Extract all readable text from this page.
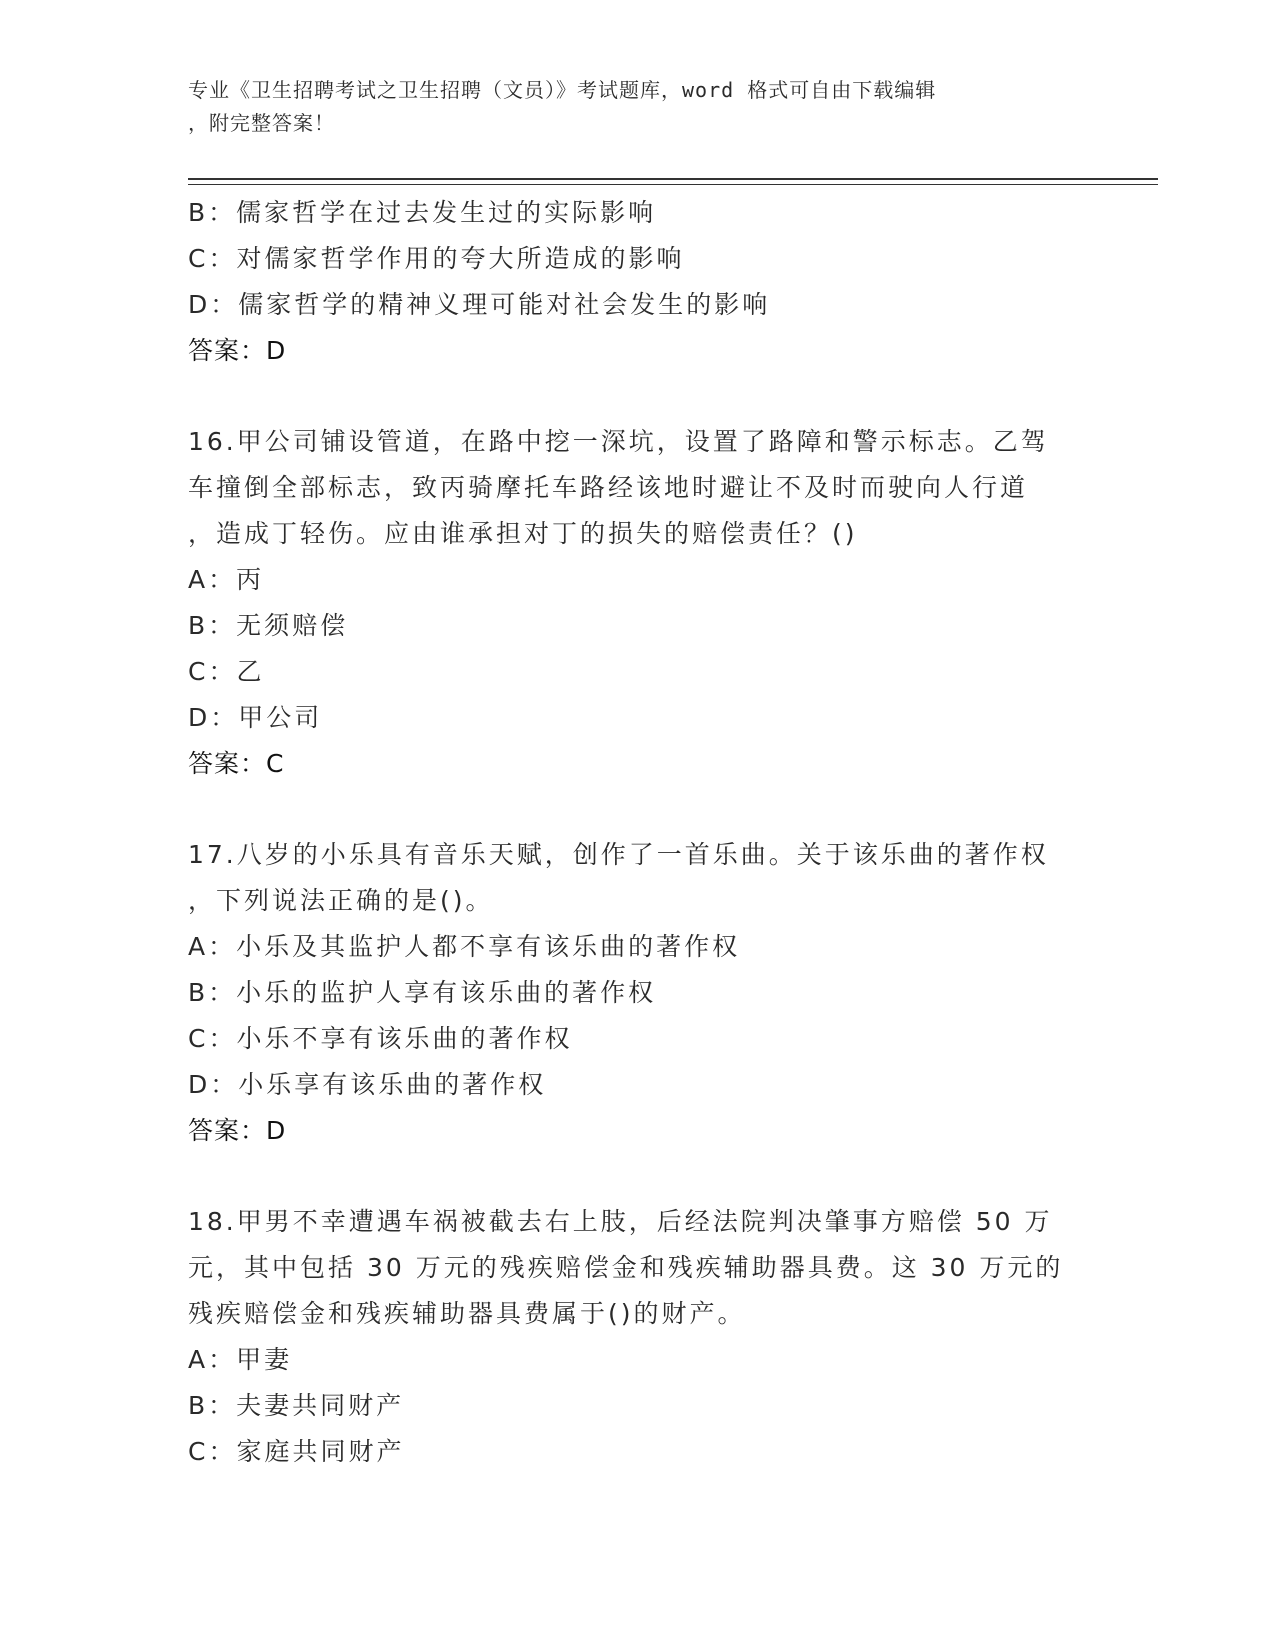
专业《卫生招聘考试之卫生招聘（文员）》考试题库，word 格式可自由下载编辑
，附完整答案！
B：儒家哲学在过去发生过的实际影响
C：对儒家哲学作用的夸大所造成的影响
D：儒家哲学的精神义理可能对社会发生的影响
答案：D
16.甲公司铺设管道，在路中挖一深坑，设置了路障和警示标志。乙驾
车撞倒全部标志，致丙骑摩托车路经该地时避让不及时而驶向人行道
，造成丁轻伤。应由谁承担对丁的损失的赔偿责任？()
A：丙
B：无须赔偿
C：乙
D：甲公司
答案：C
17.八岁的小乐具有音乐天赋，创作了一首乐曲。关于该乐曲的著作权
，下列说法正确的是()。
A：小乐及其监护人都不享有该乐曲的著作权
B：小乐的监护人享有该乐曲的著作权
C：小乐不享有该乐曲的著作权
D：小乐享有该乐曲的著作权
答案：D
18.甲男不幸遭遇车祸被截去右上肢，后经法院判决肇事方赔偿 50 万
元，其中包括 30 万元的残疾赔偿金和残疾辅助器具费。这 30 万元的
残疾赔偿金和残疾辅助器具费属于()的财产。
A：甲妻
B：夫妻共同财产
C：家庭共同财产
